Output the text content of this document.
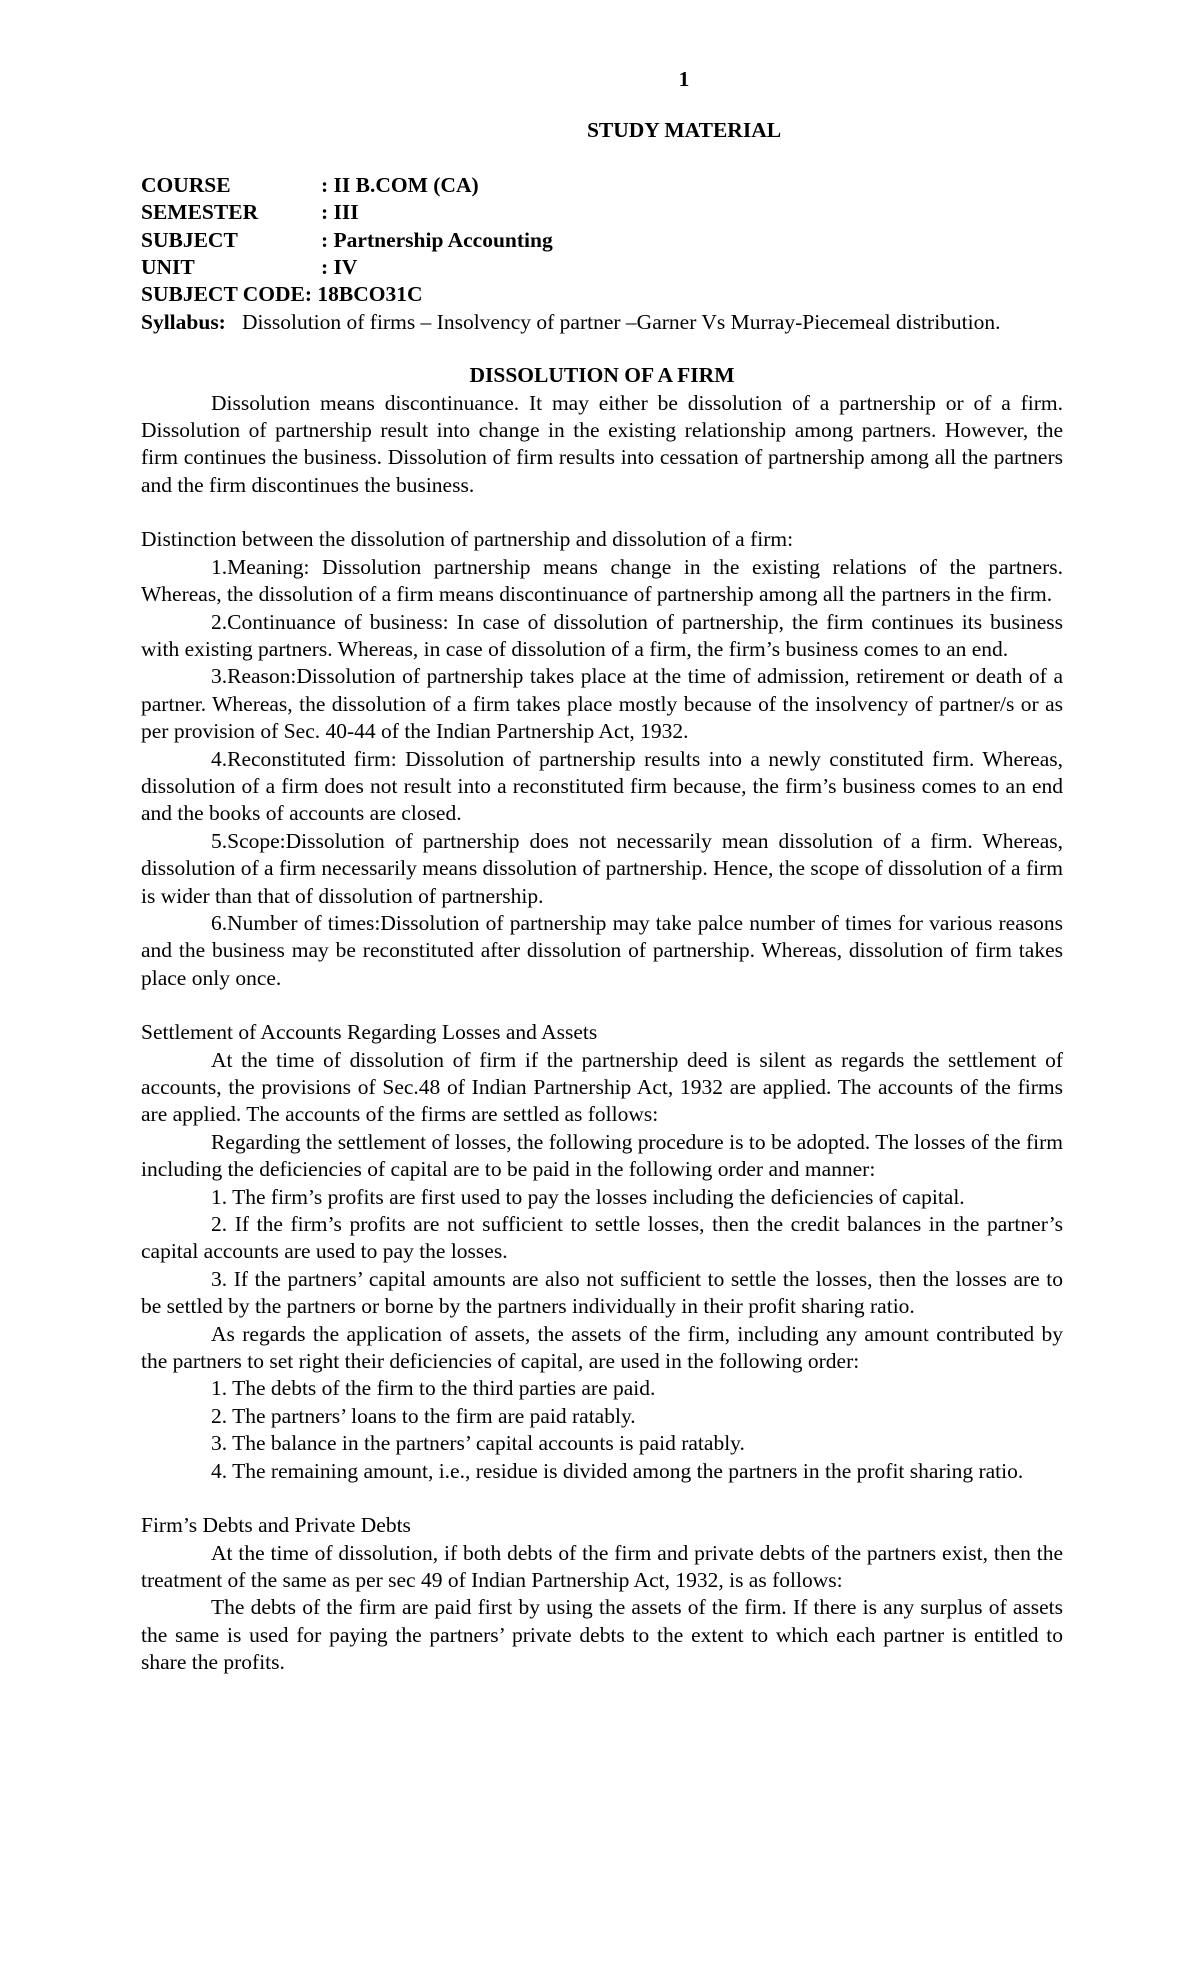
1
STUDY MATERIAL
COURSE	: II B.COM (CA)
SEMESTER	: III
SUBJECT	: Partnership Accounting
UNIT	: IV
SUBJECT CODE: 18BCO31C

Syllabus: Dissolution of firms – Insolvency of partner –Garner Vs Murray-Piecemeal distribution.

DISSOLUTION OF A FIRM

Dissolution means discontinuance. It may either be dissolution of a partnership or of a firm. Dissolution of partnership result into change in the existing relationship among partners. However, the firm continues the business. Dissolution of firm results into cessation of partnership among all the partners and the firm discontinues the business.

Distinction between the dissolution of partnership and dissolution of a firm:

1.Meaning: Dissolution partnership means change in the existing relations of the partners. Whereas, the dissolution of a firm means discontinuance of partnership among all the partners in the firm.

2.Continuance of business: In case of dissolution of partnership, the firm continues its business with existing partners. Whereas, in case of dissolution of a firm, the firm’s business comes to an end.

3.Reason:Dissolution of partnership takes place at the time of admission, retirement or death of a partner. Whereas, the dissolution of a firm takes place mostly because of the insolvency of partner/s or as per provision of Sec. 40-44 of the Indian Partnership Act, 1932.

4.Reconstituted firm: Dissolution of partnership results into a newly constituted firm. Whereas, dissolution of a firm does not result into a reconstituted firm because, the firm’s business comes to an end and the books of accounts are closed.

5.Scope:Dissolution of partnership does not necessarily mean dissolution of a firm. Whereas, dissolution of a firm necessarily means dissolution of partnership. Hence, the scope of dissolution of a firm is wider than that of dissolution of partnership.

6.Number of times:Dissolution of partnership may take palce number of times for various reasons and the business may be reconstituted after dissolution of partnership. Whereas, dissolution of firm takes place only once.

Settlement of Accounts Regarding Losses and Assets

At the time of dissolution of firm if the partnership deed is silent as regards the settlement of accounts, the provisions of Sec.48 of Indian Partnership Act, 1932 are applied. The accounts of the firms are applied. The accounts of the firms are settled as follows:

Regarding the settlement of losses, the following procedure is to be adopted. The losses of the firm including the deficiencies of capital are to be paid in the following order and manner:

1. The firm’s profits are first used to pay the losses including the deficiencies of capital.

2. If the firm’s profits are not sufficient to settle losses, then the credit balances in the partner’s capital accounts are used to pay the losses.

3. If the partners’ capital amounts are also not sufficient to settle the losses, then the losses are to be settled by the partners or borne by the partners individually in their profit sharing ratio.

As regards the application of assets, the assets of the firm, including any amount contributed by the partners to set right their deficiencies of capital, are used in the following order:

1. The debts of the firm to the third parties are paid.

2. The partners’ loans to the firm are paid ratably.

3. The balance in the partners’ capital accounts is paid ratably.

4. The remaining amount, i.e., residue is divided among the partners in the profit sharing ratio.

Firm’s Debts and Private Debts

At the time of dissolution, if both debts of the firm and private debts of the partners exist, then the treatment of the same as per sec 49 of Indian Partnership Act, 1932, is as follows:

The debts of the firm are paid first by using the assets of the firm. If there is any surplus of assets the same is used for paying the partners’ private debts to the extent to which each partner is entitled to share the profits.
